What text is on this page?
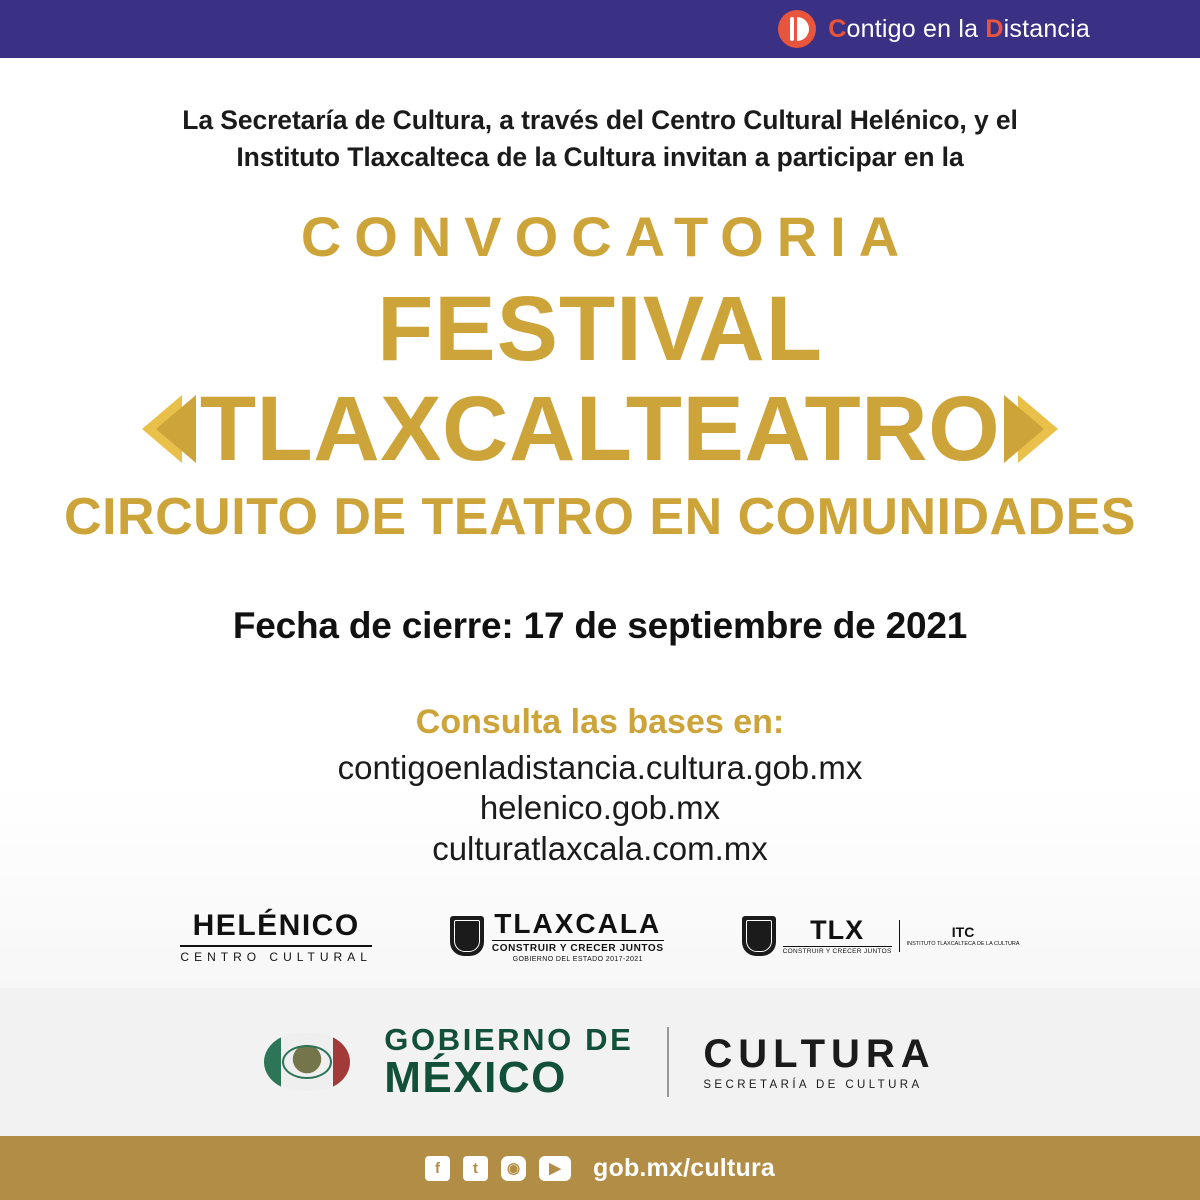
Contigo en la Distancia
La Secretaría de Cultura, a través del Centro Cultural Helénico, y el
Instituto Tlaxcalteca de la Cultura invitan a participar en la
CONVOCATORIA
FESTIVAL
TLAXCALTEATRO
CIRCUITO DE TEATRO EN COMUNIDADES
Fecha de cierre: 17 de septiembre de 2021
Consulta las bases en:
contigoenladistancia.cultura.gob.mx
helenico.gob.mx
culturatlaxcala.com.mx
HELÉNICO
CENTRO CULTURAL
TLAXCALA
CONSTRUIR Y CRECER JUNTOS
GOBIERNO DEL ESTADO 2017-2021
TLX
CONSTRUIR Y CRECER JUNTOS
ITC
INSTITUTO TLAXCALTECA DE LA CULTURA
GOBIERNO DE
MÉXICO	CULTURA
SECRETARÍA DE CULTURA
f	t	◉	▶	gob.mx/cultura
